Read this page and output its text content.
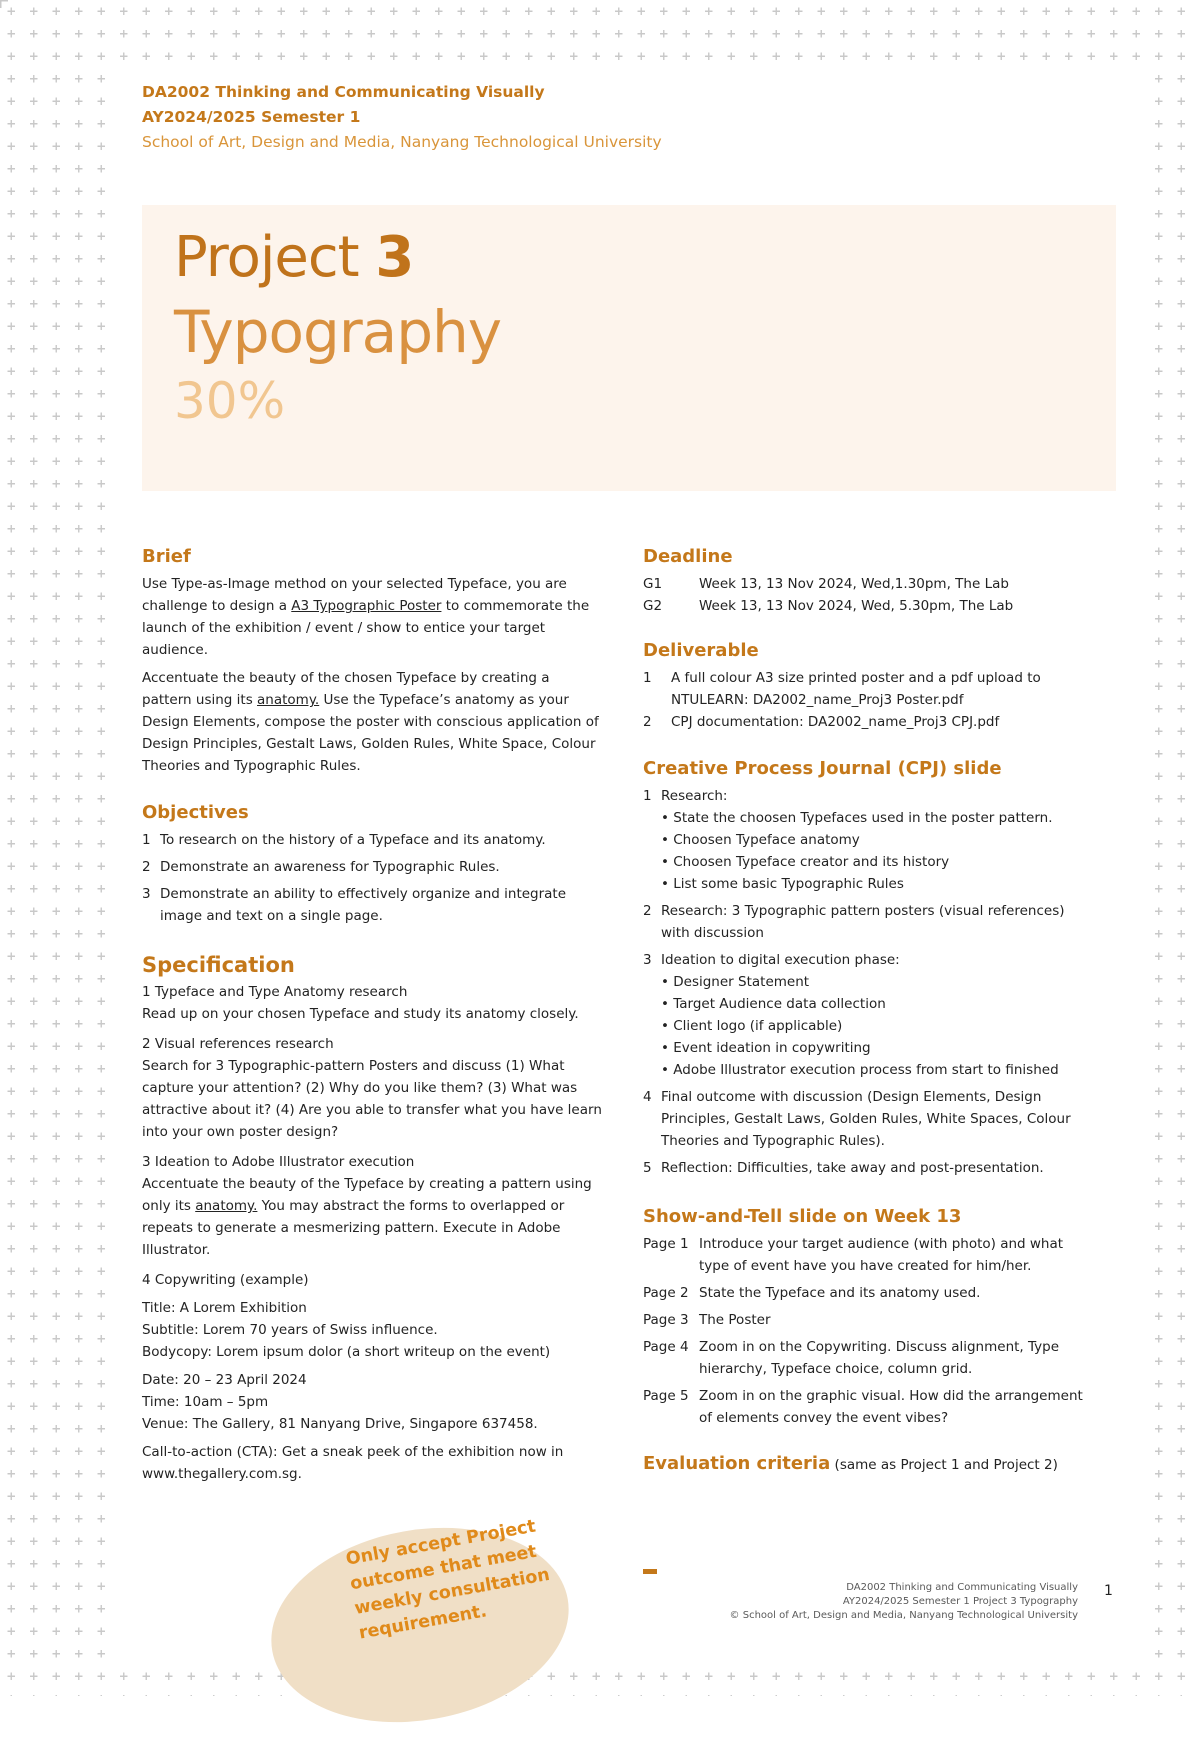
DA2002 Thinking and Communicating Visually
AY2024/2025 Semester 1
School of Art, Design and Media, Nanyang Technological University
Project 3
Typography
30%
Brief

Use Type-as-Image method on your selected Typeface, you are challenge to design a A3 Typographic Poster to commemorate the launch of the exhibition / event / show to entice your target audience.

Accentuate the beauty of the chosen Typeface by creating a pattern using its anatomy. Use the Typeface’s anatomy as your Design Elements, compose the poster with conscious application of Design Principles, Gestalt Laws, Golden Rules, White Space, Colour Theories and Typographic Rules.

Objectives
1 To research on the history of a Typeface and its anatomy.
2 Demonstrate an awareness for Typographic Rules.
3 Demonstrate an ability to effectively organize and integrate image and text on a single page.
Specification

1 Typeface and Type Anatomy research

Read up on your chosen Typeface and study its anatomy closely.

2 Visual references research

Search for 3 Typographic-pattern Posters and discuss (1) What capture your attention? (2) Why do you like them? (3) What was attractive about it? (4) Are you able to transfer what you have learn into your own poster design?

3 Ideation to Adobe Illustrator execution

Accentuate the beauty of the Typeface by creating a pattern using only its anatomy. You may abstract the forms to overlapped or repeats to generate a mesmerizing pattern. Execute in Adobe Illustrator.

4 Copywriting (example)

Title: A Lorem Exhibition

Subtitle: Lorem 70 years of Swiss influence.

Bodycopy: Lorem ipsum dolor (a short writeup on the event)

Date: 20 – 23 April 2024

Time: 10am – 5pm

Venue: The Gallery, 81 Nanyang Drive, Singapore 637458.

Call-to-action (CTA): Get a sneak peek of the exhibition now in www.thegallery.com.sg.

Deadline
G1	Week 13, 13 Nov 2024, Wed,1.30pm, The Lab
G2	Week 13, 13 Nov 2024, Wed, 5.30pm, The Lab
Deliverable
1	A full colour A3 size printed poster and a pdf upload to NTULEARN: DA2002_name_Proj3 Poster.pdf
2	CPJ documentation: DA2002_name_Proj3 CPJ.pdf
Creative Process Journal (CPJ) slide
1 Research:
• State the choosen Typefaces used in the poster pattern.
• Choosen Typeface anatomy
• Choosen Typeface creator and its history
• List some basic Typographic Rules
2 Research: 3 Typographic pattern posters (visual references) with discussion
3 Ideation to digital execution phase:
• Designer Statement
• Target Audience data collection
• Client logo (if applicable)
• Event ideation in copywriting
• Adobe Illustrator execution process from start to finished
4 Final outcome with discussion (Design Elements, Design Principles, Gestalt Laws, Golden Rules, White Spaces, Colour Theories and Typographic Rules).
5 Reflection: Difficulties, take away and post-presentation.
Show-and-Tell slide on Week 13
Page 1 Introduce your target audience (with photo) and what type of event have you have created for him/her.
Page 2 State the Typeface and its anatomy used.
Page 3 The Poster
Page 4 Zoom in on the Copywriting. Discuss alignment, Type hierarchy, Typeface choice, column grid.
Page 5 Zoom in on the graphic visual. How did the arrangement of elements convey the event vibes?
Evaluation criteria (same as Project 1 and Project 2)
Only accept Project outcome that meet weekly consultation requirement.
DA2002 Thinking and Communicating Visually
AY2024/2025 Semester 1 Project 3 Typography
© School of Art, Design and Media, Nanyang Technological University
1
